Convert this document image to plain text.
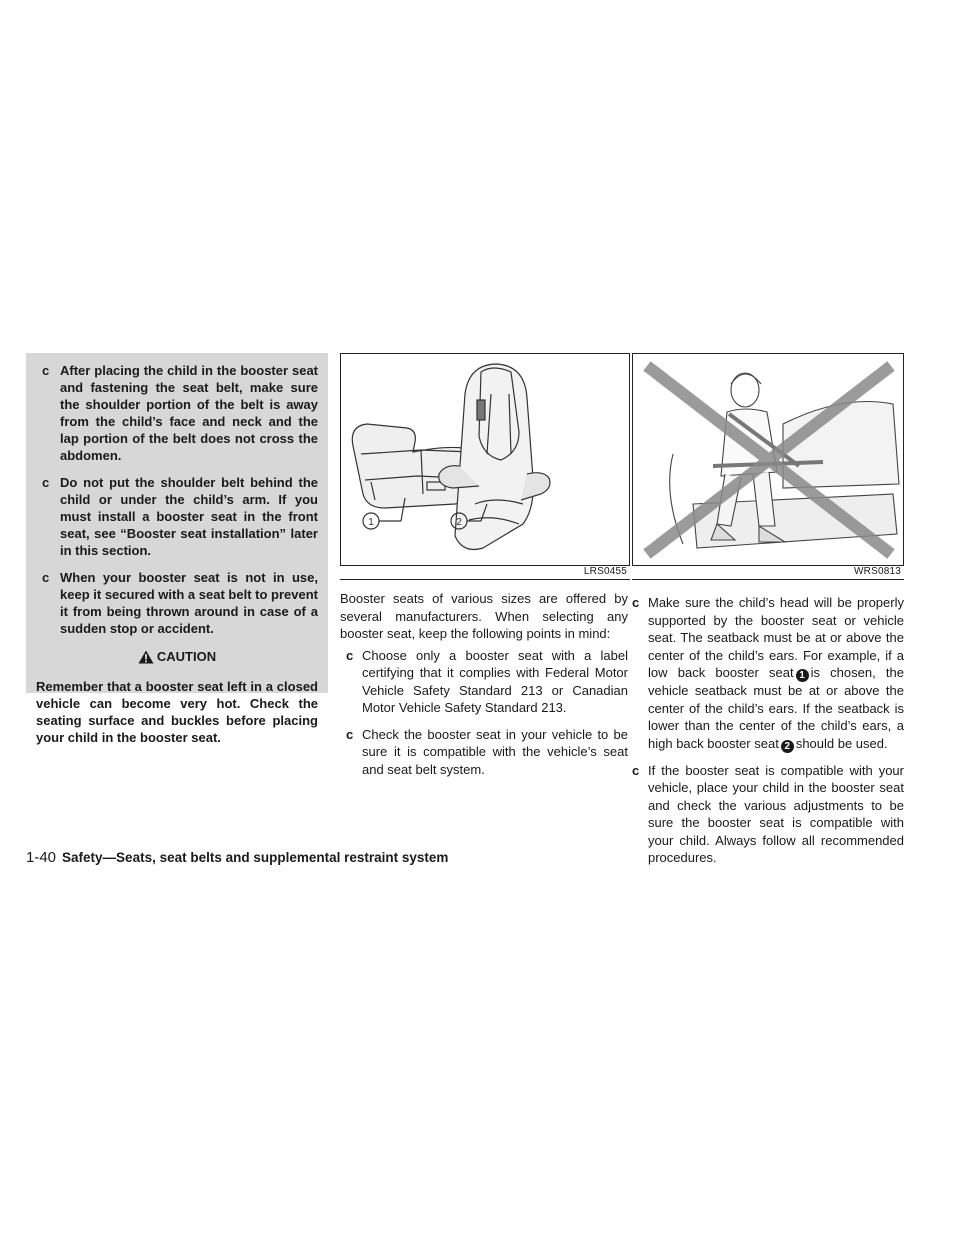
c After placing the child in the booster seat and fastening the seat belt, make sure the shoulder portion of the belt is away from the child’s face and neck and the lap portion of the belt does not cross the abdomen.
c Do not put the shoulder belt behind the child or under the child’s arm. If you must install a booster seat in the front seat, see “Booster seat installation” later in this section.
c When your booster seat is not in use, keep it secured with a seat belt to prevent it from being thrown around in case of a sudden stop or accident.
CAUTION
Remember that a booster seat left in a closed vehicle can become very hot. Check the seating surface and buckles before placing your child in the booster seat.
1	2
LRS0455	WRS0813

Booster seats of various sizes are offered by several manufacturers. When selecting any booster seat, keep the following points in mind:

c Choose only a booster seat with a label certifying that it complies with Federal Motor Vehicle Safety Standard 213 or Canadian Motor Vehicle Safety Standard 213.
c Check the booster seat in your vehicle to be sure it is compatible with the vehicle’s seat and seat belt system.
c Make sure the child’s head will be properly supported by the booster seat or vehicle seat. The seatback must be at or above the center of the child’s ears. For example, if a low back booster seat 1 is chosen, the vehicle seatback must be at or above the center of the child’s ears. If the seatback is lower than the center of the child’s ears, a high back booster seat 2 should be used.
c If the booster seat is compatible with your vehicle, place your child in the booster seat and check the various adjustments to be sure the booster seat is compatible with your child. Always follow all recommended procedures.
1-40 Safety—Seats, seat belts and supplemental restraint system
